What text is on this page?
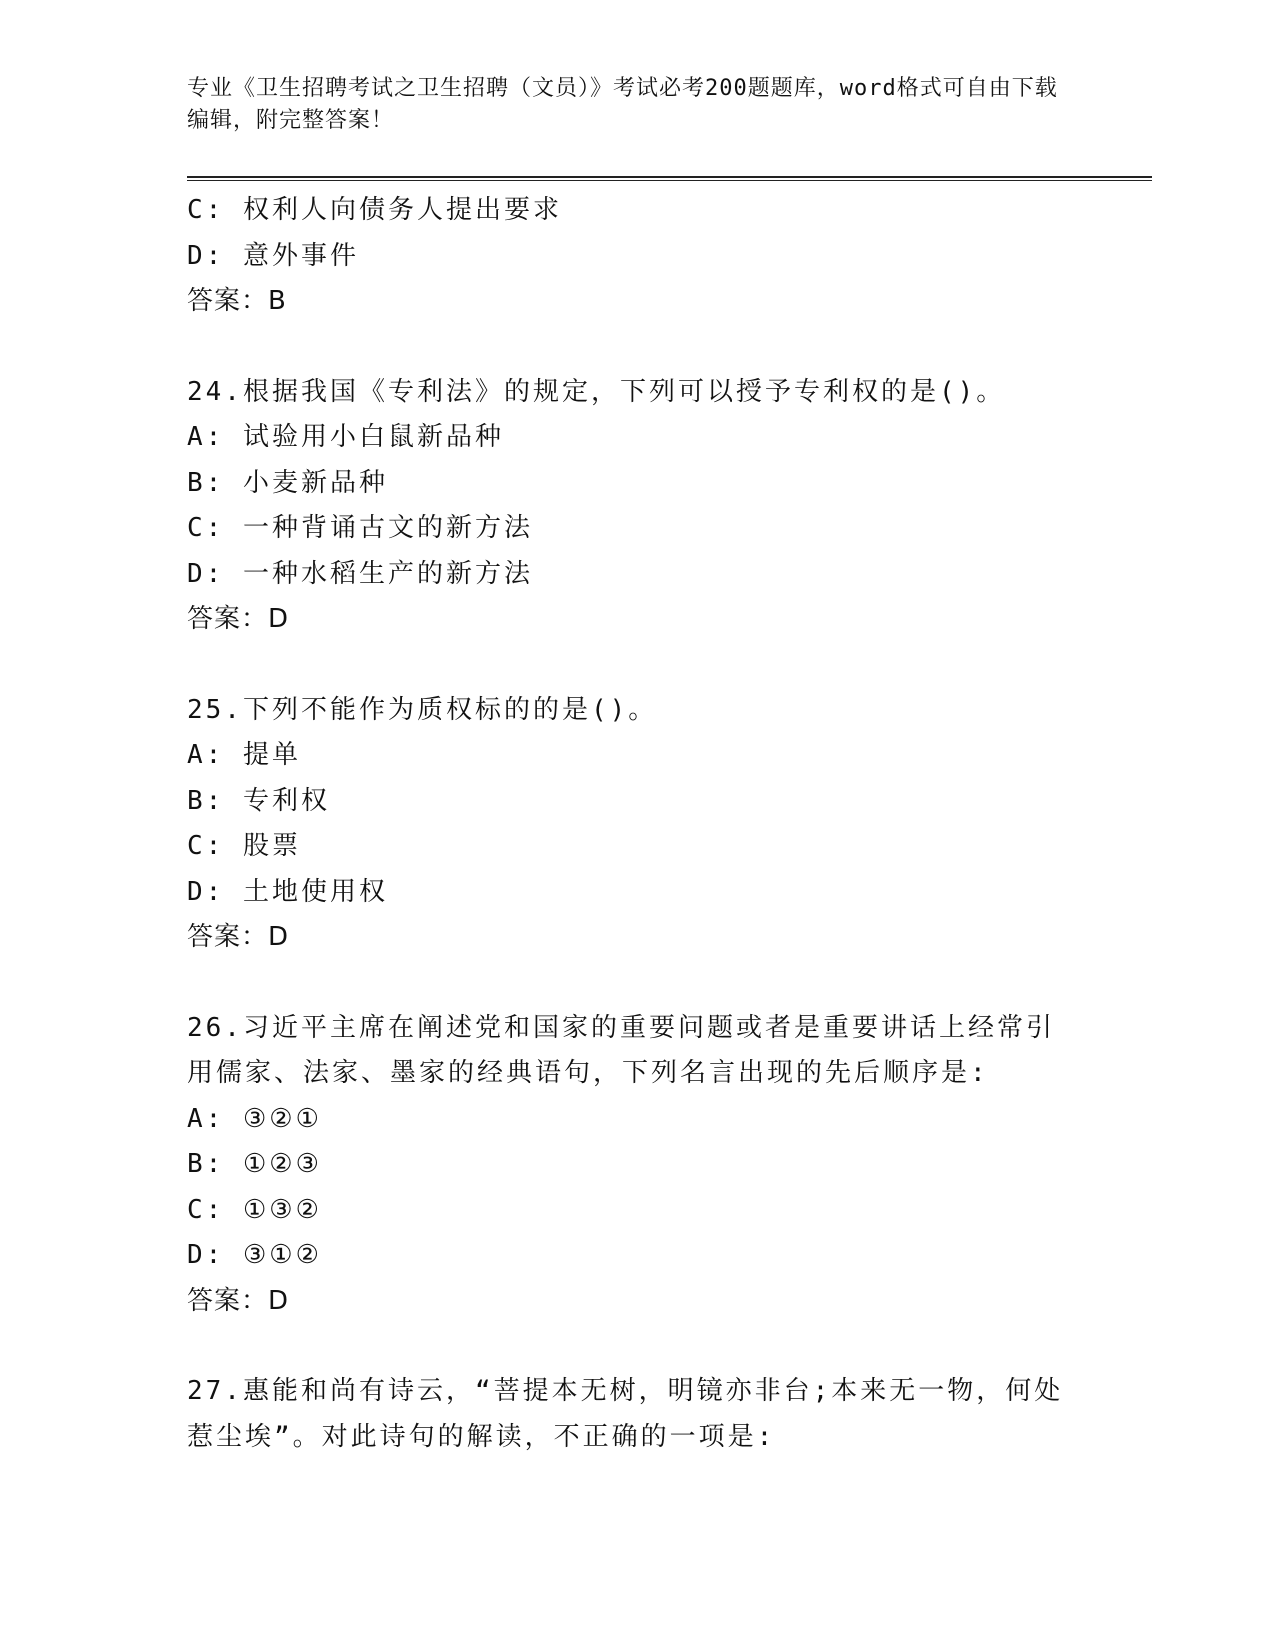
专业《卫生招聘考试之卫生招聘（文员）》考试必考200题题库，word格式可自由下载编辑，附完整答案！
C: 权利人向债务人提出要求
D: 意外事件
答案：B
24.根据我国《专利法》的规定，下列可以授予专利权的是()。
A: 试验用小白鼠新品种
B: 小麦新品种
C: 一种背诵古文的新方法
D: 一种水稻生产的新方法
答案：D
25.下列不能作为质权标的的是()。
A: 提单
B: 专利权
C: 股票
D: 土地使用权
答案：D
26.习近平主席在阐述党和国家的重要问题或者是重要讲话上经常引用儒家、法家、墨家的经典语句，下列名言出现的先后顺序是:
A: ③②①
B: ①②③
C: ①③②
D: ③①②
答案：D
27.惠能和尚有诗云，“菩提本无树，明镜亦非台;本来无一物，何处惹尘埃”。对此诗句的解读，不正确的一项是:
